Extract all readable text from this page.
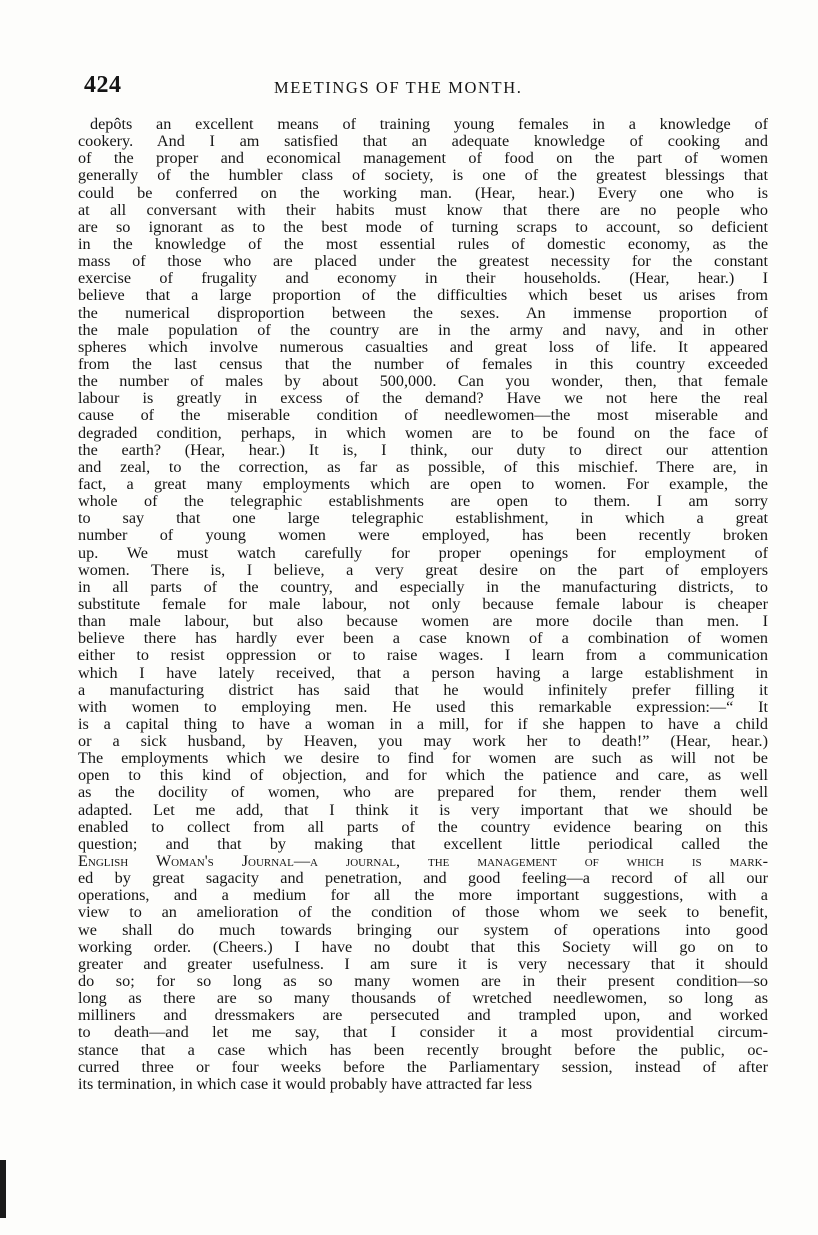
424	MEETINGS OF THE MONTH.
depôts an excellent means of training young females in a knowledge of
cookery. And I am satisfied that an adequate knowledge of cooking and
of the proper and economical management of food on the part of women
generally of the humbler class of society, is one of the greatest blessings that
could be conferred on the working man. (Hear, hear.) Every one who is
at all conversant with their habits must know that there are no people who
are so ignorant as to the best mode of turning scraps to account, so deficient
in the knowledge of the most essential rules of domestic economy, as the
mass of those who are placed under the greatest necessity for the constant
exercise of frugality and economy in their households. (Hear, hear.) I
believe that a large proportion of the difficulties which beset us arises from
the numerical disproportion between the sexes. An immense proportion of
the male population of the country are in the army and navy, and in other
spheres which involve numerous casualties and great loss of life. It appeared
from the last census that the number of females in this country exceeded
the number of males by about 500,000. Can you wonder, then, that female
labour is greatly in excess of the demand? Have we not here the real
cause of the miserable condition of needlewomen—the most miserable and
degraded condition, perhaps, in which women are to be found on the face of
the earth? (Hear, hear.) It is, I think, our duty to direct our attention
and zeal, to the correction, as far as possible, of this mischief. There are, in
fact, a great many employments which are open to women. For example, the
whole of the telegraphic establishments are open to them. I am sorry
to say that one large telegraphic establishment, in which a great
number of young women were employed, has been recently broken
up. We must watch carefully for proper openings for employment of
women. There is, I believe, a very great desire on the part of employers
in all parts of the country, and especially in the manufacturing districts, to
substitute female for male labour, not only because female labour is cheaper
than male labour, but also because women are more docile than men. I
believe there has hardly ever been a case known of a combination of women
either to resist oppression or to raise wages. I learn from a communication
which I have lately received, that a person having a large establishment in
a manufacturing district has said that he would infinitely prefer filling it
with women to employing men. He used this remarkable expression:—“ It
is a capital thing to have a woman in a mill, for if she happen to have a child
or a sick husband, by Heaven, you may work her to death!” (Hear, hear.)
The employments which we desire to find for women are such as will not be
open to this kind of objection, and for which the patience and care, as well
as the docility of women, who are prepared for them, render them well
adapted. Let me add, that I think it is very important that we should be
enabled to collect from all parts of the country evidence bearing on this
question; and that by making that excellent little periodical called the
English Woman's Journal—a journal, the management of which is mark-
ed by great sagacity and penetration, and good feeling—a record of all our
operations, and a medium for all the more important suggestions, with a
view to an amelioration of the condition of those whom we seek to benefit,
we shall do much towards bringing our system of operations into good
working order. (Cheers.) I have no doubt that this Society will go on to
greater and greater usefulness. I am sure it is very necessary that it should
do so; for so long as so many women are in their present condition—so
long as there are so many thousands of wretched needlewomen, so long as
milliners and dressmakers are persecuted and trampled upon, and worked
to death—and let me say, that I consider it a most providential circum-
stance that a case which has been recently brought before the public, oc-
curred three or four weeks before the Parliamentary session, instead of after
its termination, in which case it would probably have attracted far less
